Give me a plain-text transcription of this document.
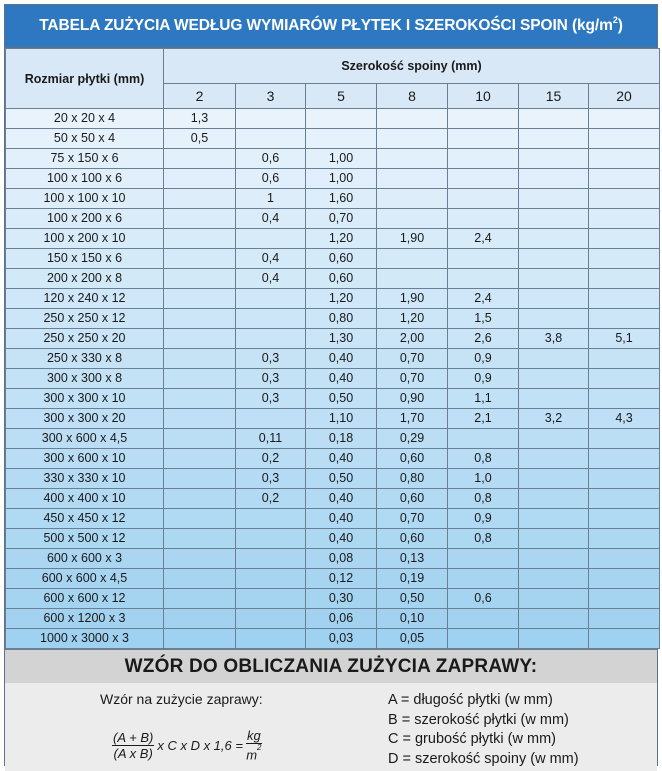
TABELA ZUŻYCIA WEDŁUG WYMIARÓW PŁYTEK I SZEROKOŚCI SPOIN ($kg/m^2$ )
Rozmiar płytki (mm)	Szerokość spoiny (mm)						
	2	3	5	8	10	15	20
20 x 20 x 4	1,3						
50 x 50 x 4	0,5						
75 x 150 x 6		0,6	1,00				
100 x 100 x 6		0,6	1,00				
100 x 100 x 10		1	1,60				
100 x 200 x 6		0,4	0,70				
100 x 200 x 10			1,20	1,90	2,4		
150 x 150 x 6		0,4	0,60				
200 x 200 x 8		0,4	0,60				
120 x 240 x 12			1,20	1,90	2,4		
250 x 250 x 12			0,80	1,20	1,5		
250 x 250 x 20			1,30	2,00	2,6	3,8	5,1
250 x 330 x 8		0,3	0,40	0,70	0,9		
300 x 300 x 8		0,3	0,40	0,70	0,9		
300 x 300 x 10		0,3	0,50	0,90	1,1		
300 x 300 x 20			1,10	1,70	2,1	3,2	4,3
300 x 600 x 4,5		0,11	0,18	0,29			
300 x 600 x 10		0,2	0,40	0,60	0,8		
330 x 330 x 10		0,3	0,50	0,80	1,0		
400 x 400 x 10		0,2	0,40	0,60	0,8		
450 x 450 x 12			0,40	0,70	0,9		
500 x 500 x 12			0,40	0,60	0,8		
600 x 600 x 3			0,08	0,13			
600 x 600 x 4,5			0,12	0,19			
600 x 600 x 12			0,30	0,50	0,6		
600 x 1200 x 3			0,06	0,10			
1000 x 3000 x 3			0,03	0,05			
WZÓR DO OBLICZANIA ZUŻYCIA ZAPRAWY:
Wzór na zużycie zaprawy:
$\frac{(A + B)}{\text{(A x B)}}$ x C x D x $1,6 = \frac{kg}{m^2}$
A = długość płytki (w mm)
B = szerokość płytki (w mm)
C = grubość płytki (w mm)
D = szerokość spoiny (w mm)
